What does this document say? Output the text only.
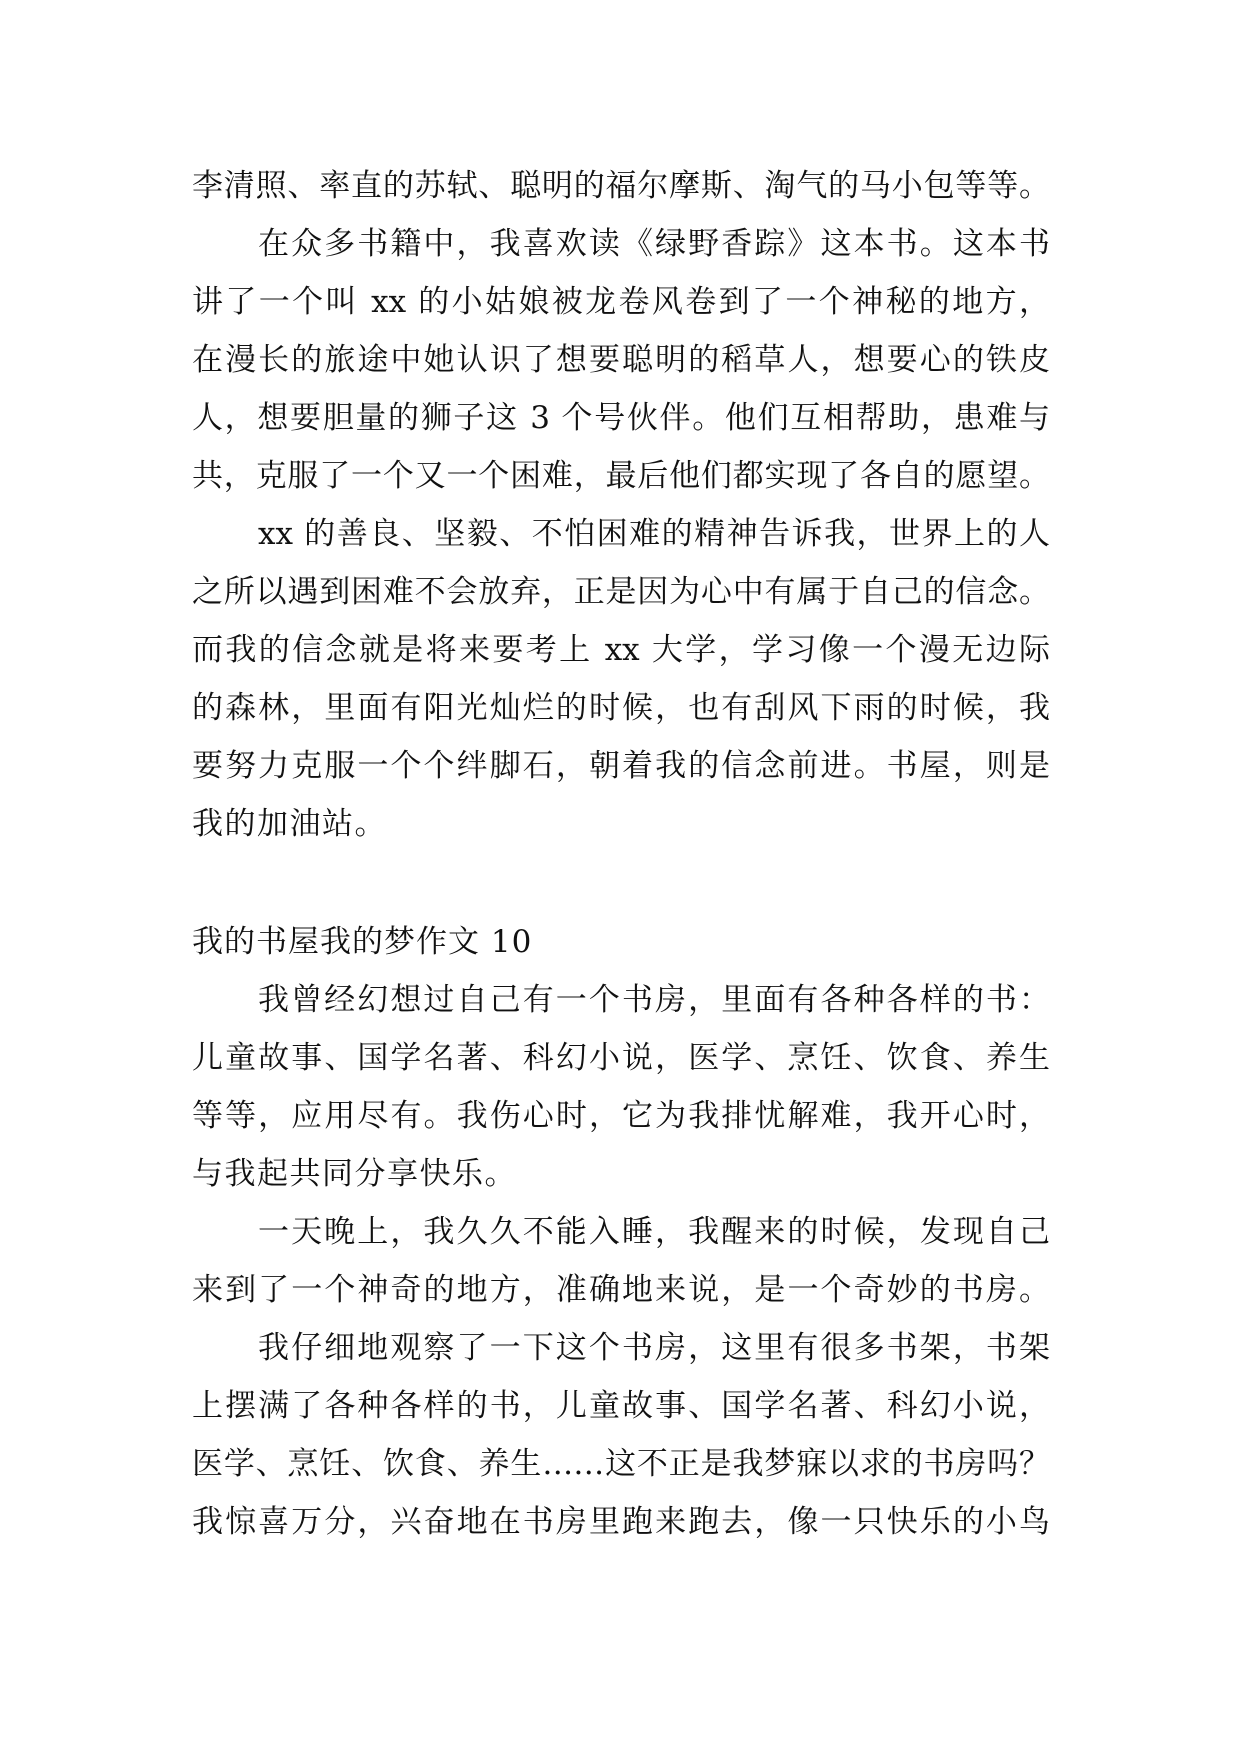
李清照、率直的苏轼、聪明的福尔摩斯、淘气的马小包等等。
在众多书籍中，我喜欢读《绿野香踪》这本书。这本书
讲了一个叫 xx 的小姑娘被龙卷风卷到了一个神秘的地方，
在漫长的旅途中她认识了想要聪明的稻草人，想要心的铁皮
人，想要胆量的狮子这 3 个号伙伴。他们互相帮助，患难与
共，克服了一个又一个困难，最后他们都实现了各自的愿望。
xx 的善良、坚毅、不怕困难的精神告诉我，世界上的人
之所以遇到困难不会放弃，正是因为心中有属于自己的信念。
而我的信念就是将来要考上 xx 大学，学习像一个漫无边际
的森林，里面有阳光灿烂的时候，也有刮风下雨的时候，我
要努力克服一个个绊脚石，朝着我的信念前进。书屋，则是
我的加油站。
我的书屋我的梦作文 10
我曾经幻想过自己有一个书房，里面有各种各样的书：
儿童故事、国学名著、科幻小说，医学、烹饪、饮食、养生
等等，应用尽有。我伤心时，它为我排忧解难，我开心时，
与我起共同分享快乐。
一天晚上，我久久不能入睡，我醒来的时候，发现自己
来到了一个神奇的地方，准确地来说，是一个奇妙的书房。
我仔细地观察了一下这个书房，这里有很多书架，书架
上摆满了各种各样的书，儿童故事、国学名著、科幻小说，
医学、烹饪、饮食、养生……这不正是我梦寐以求的书房吗？
我惊喜万分，兴奋地在书房里跑来跑去，像一只快乐的小鸟
